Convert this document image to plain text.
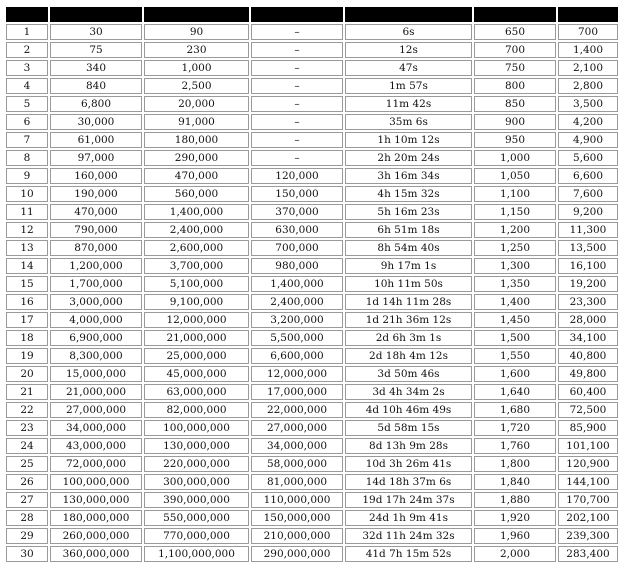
1	30	90	–	6s	650	700
2	75	230	–	12s	700	1,400
3	340	1,000	–	47s	750	2,100
4	840	2,500	–	1m 57s	800	2,800
5	6,800	20,000	–	11m 42s	850	3,500
6	30,000	91,000	–	35m 6s	900	4,200
7	61,000	180,000	–	1h 10m 12s	950	4,900
8	97,000	290,000	–	2h 20m 24s	1,000	5,600
9	160,000	470,000	120,000	3h 16m 34s	1,050	6,600
10	190,000	560,000	150,000	4h 15m 32s	1,100	7,600
11	470,000	1,400,000	370,000	5h 16m 23s	1,150	9,200
12	790,000	2,400,000	630,000	6h 51m 18s	1,200	11,300
13	870,000	2,600,000	700,000	8h 54m 40s	1,250	13,500
14	1,200,000	3,700,000	980,000	9h 17m 1s	1,300	16,100
15	1,700,000	5,100,000	1,400,000	10h 11m 50s	1,350	19,200
16	3,000,000	9,100,000	2,400,000	1d 14h 11m 28s	1,400	23,300
17	4,000,000	12,000,000	3,200,000	1d 21h 36m 12s	1,450	28,000
18	6,900,000	21,000,000	5,500,000	2d 6h 3m 1s	1,500	34,100
19	8,300,000	25,000,000	6,600,000	2d 18h 4m 12s	1,550	40,800
20	15,000,000	45,000,000	12,000,000	3d 50m 46s	1,600	49,800
21	21,000,000	63,000,000	17,000,000	3d 4h 34m 2s	1,640	60,400
22	27,000,000	82,000,000	22,000,000	4d 10h 46m 49s	1,680	72,500
23	34,000,000	100,000,000	27,000,000	5d 58m 15s	1,720	85,900
24	43,000,000	130,000,000	34,000,000	8d 13h 9m 28s	1,760	101,100
25	72,000,000	220,000,000	58,000,000	10d 3h 26m 41s	1,800	120,900
26	100,000,000	300,000,000	81,000,000	14d 18h 37m 6s	1,840	144,100
27	130,000,000	390,000,000	110,000,000	19d 17h 24m 37s	1,880	170,700
28	180,000,000	550,000,000	150,000,000	24d 1h 9m 41s	1,920	202,100
29	260,000,000	770,000,000	210,000,000	32d 11h 24m 32s	1,960	239,300
30	360,000,000	1,100,000,000	290,000,000	41d 7h 15m 52s	2,000	283,400
